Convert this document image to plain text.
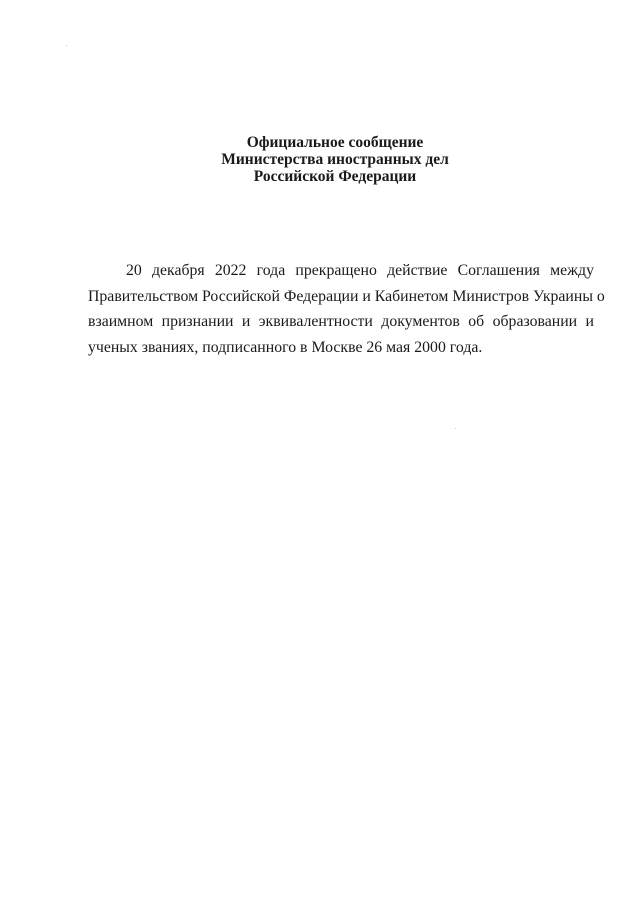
Официальное сообщение
Министерства иностранных дел
Российской Федерации
20 декабря 2022 года прекращено действие Соглашения между
Правительством Российской Федерации и Кабинетом Министров Украины о
взаимном признании и эквивалентности документов об образовании и
ученых званиях, подписанного в Москве 26 мая 2000 года.
